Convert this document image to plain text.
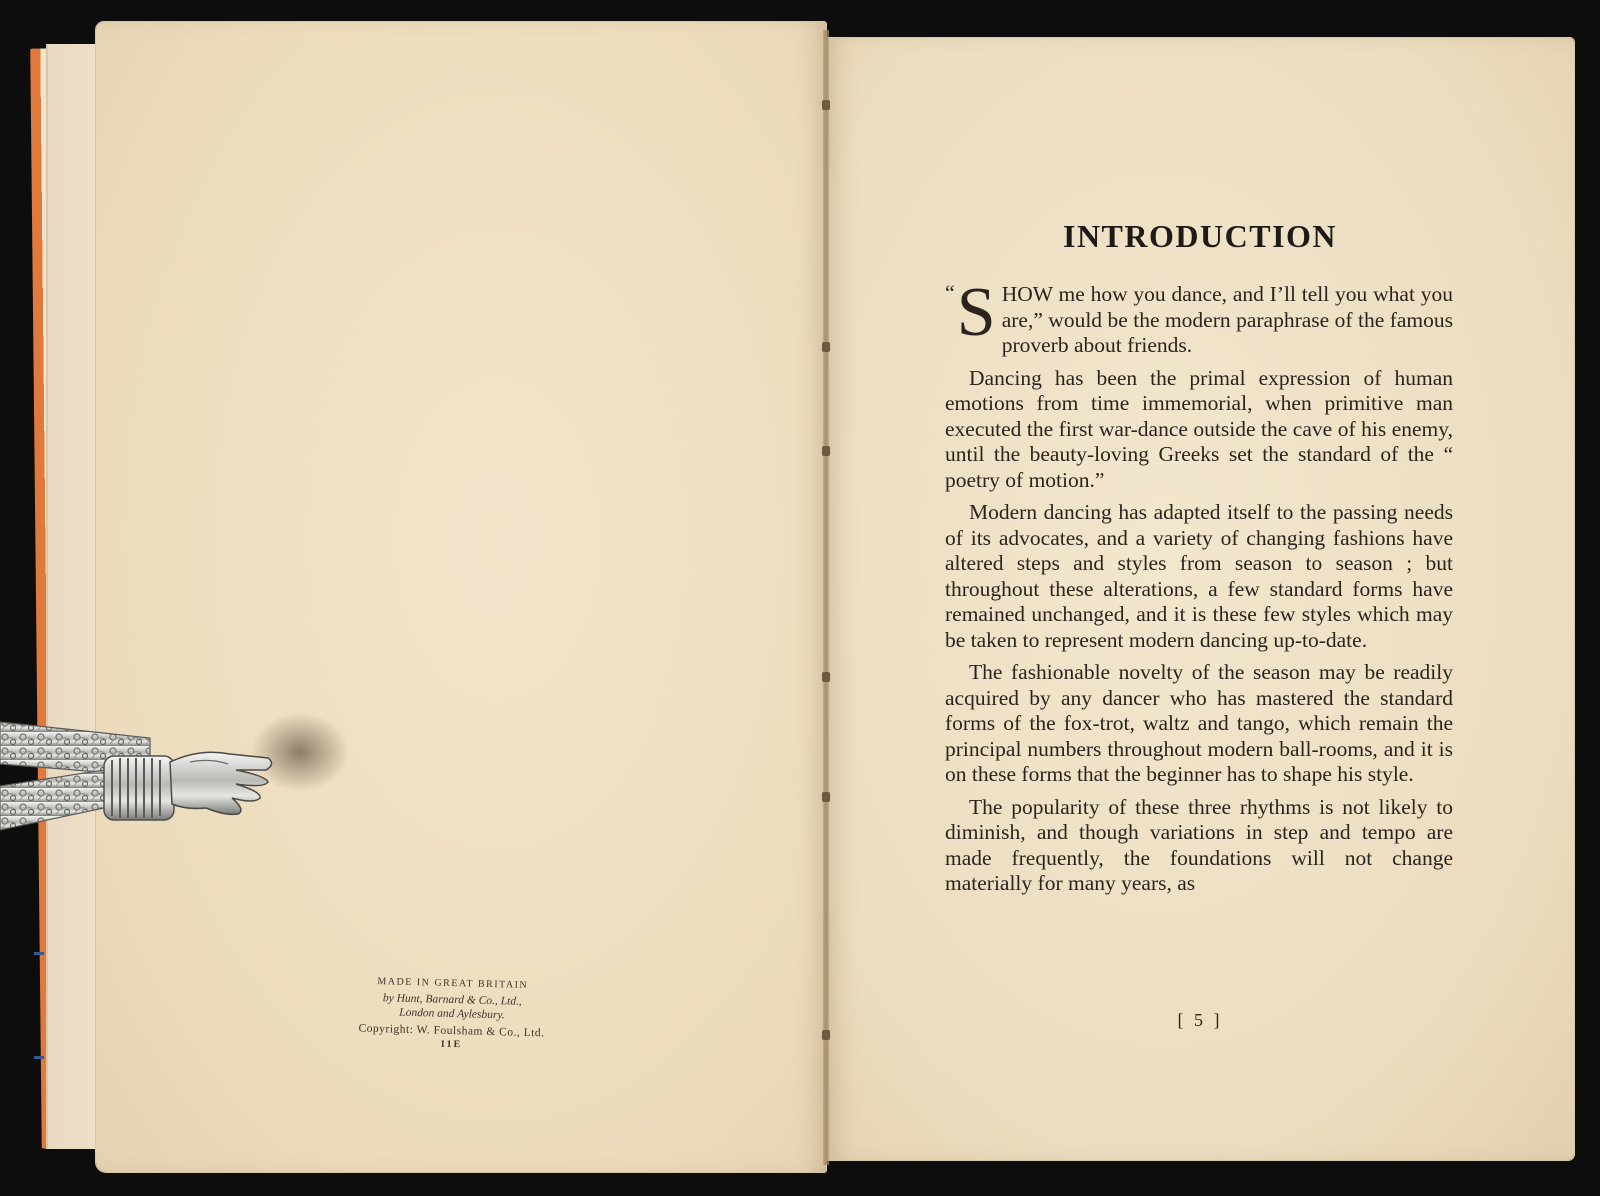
MADE IN GREAT BRITAIN
by Hunt, Barnard & Co., Ltd.,
London and Aylesbury.
Copyright: W. Foulsham & Co., Ltd.
11E
INTRODUCTION

“ S HOW me how you dance, and I’ll tell you what you are,” would be the modern paraphrase of the famous proverb about friends.

Dancing has been the primal expression of human emotions from time immemorial, when primitive man executed the first war-dance outside the cave of his enemy, until the beauty-loving Greeks set the standard of the “ poetry of motion.”

Modern dancing has adapted itself to the passing needs of its advocates, and a variety of changing fashions have altered steps and styles from season to season ; but throughout these alterations, a few standard forms have remained unchanged, and it is these few styles which may be taken to represent modern dancing up-to-date.

The fashionable novelty of the season may be readily acquired by any dancer who has mastered the standard forms of the fox-trot, waltz and tango, which remain the principal numbers throughout modern ball-rooms, and it is on these forms that the beginner has to shape his style.

The popularity of these three rhythms is not likely to diminish, and though variations in step and tempo are made frequently, the foundations will not change materially for many years, as

[ 5 ]
